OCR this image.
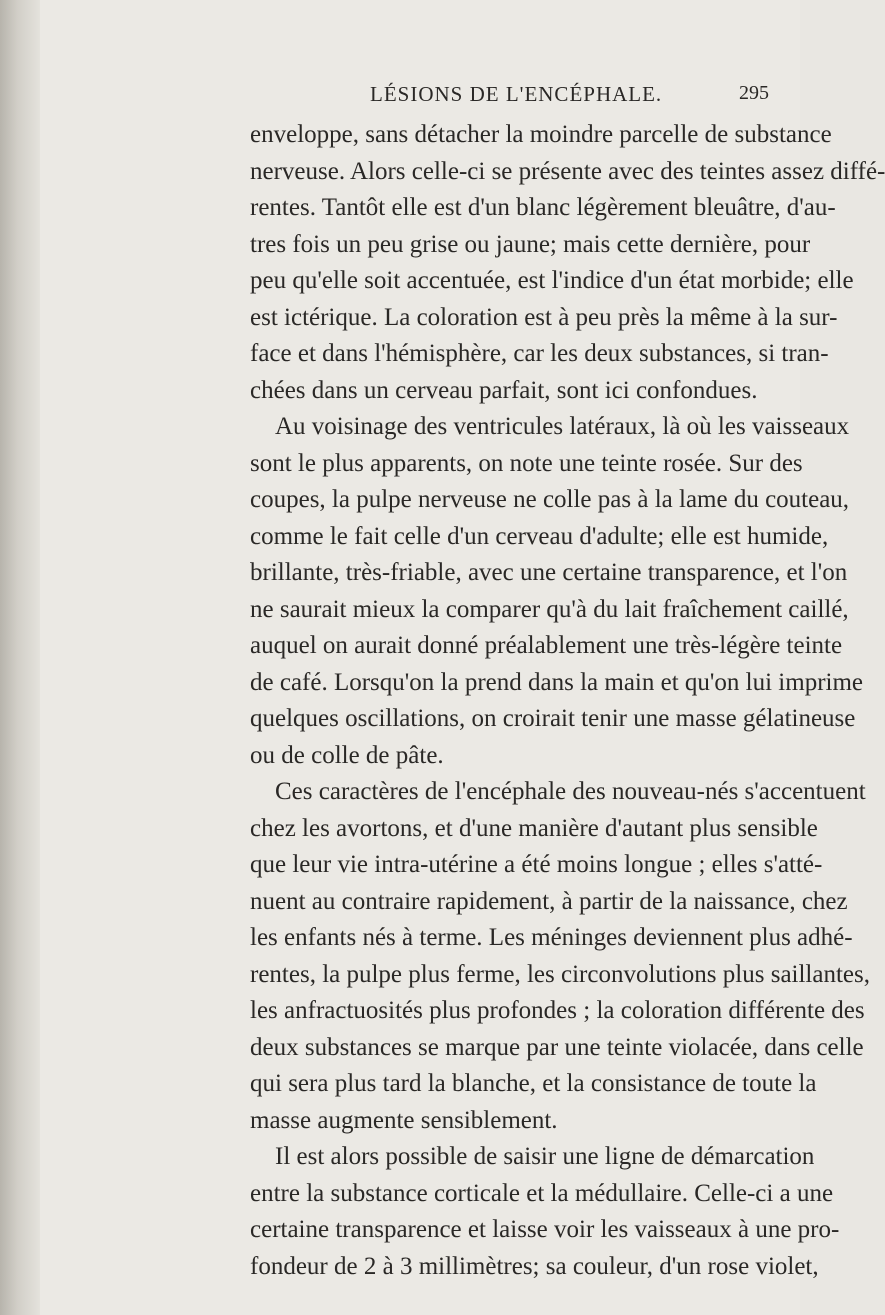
LÉSIONS DE L'ENCÉPHALE.	295
enveloppe, sans détacher la moindre parcelle de substance
nerveuse. Alors celle-ci se présente avec des teintes assez diffé-
rentes. Tantôt elle est d'un blanc légèrement bleuâtre, d'au-
tres fois un peu grise ou jaune; mais cette dernière, pour
peu qu'elle soit accentuée, est l'indice d'un état morbide; elle
est ictérique. La coloration est à peu près la même à la sur-
face et dans l'hémisphère, car les deux substances, si tran-
chées dans un cerveau parfait, sont ici confondues.
Au voisinage des ventricules latéraux, là où les vaisseaux
sont le plus apparents, on note une teinte rosée. Sur des
coupes, la pulpe nerveuse ne colle pas à la lame du couteau,
comme le fait celle d'un cerveau d'adulte; elle est humide,
brillante, très-friable, avec une certaine transparence, et l'on
ne saurait mieux la comparer qu'à du lait fraîchement caillé,
auquel on aurait donné préalablement une très-légère teinte
de café. Lorsqu'on la prend dans la main et qu'on lui imprime
quelques oscillations, on croirait tenir une masse gélatineuse
ou de colle de pâte.
Ces caractères de l'encéphale des nouveau-nés s'accentuent
chez les avortons, et d'une manière d'autant plus sensible
que leur vie intra-utérine a été moins longue ; elles s'atté-
nuent au contraire rapidement, à partir de la naissance, chez
les enfants nés à terme. Les méninges deviennent plus adhé-
rentes, la pulpe plus ferme, les circonvolutions plus saillantes,
les anfractuosités plus profondes ; la coloration différente des
deux substances se marque par une teinte violacée, dans celle
qui sera plus tard la blanche, et la consistance de toute la
masse augmente sensiblement.
Il est alors possible de saisir une ligne de démarcation
entre la substance corticale et la médullaire. Celle-ci a une
certaine transparence et laisse voir les vaisseaux à une pro-
fondeur de 2 à 3 millimètres; sa couleur, d'un rose violet,
